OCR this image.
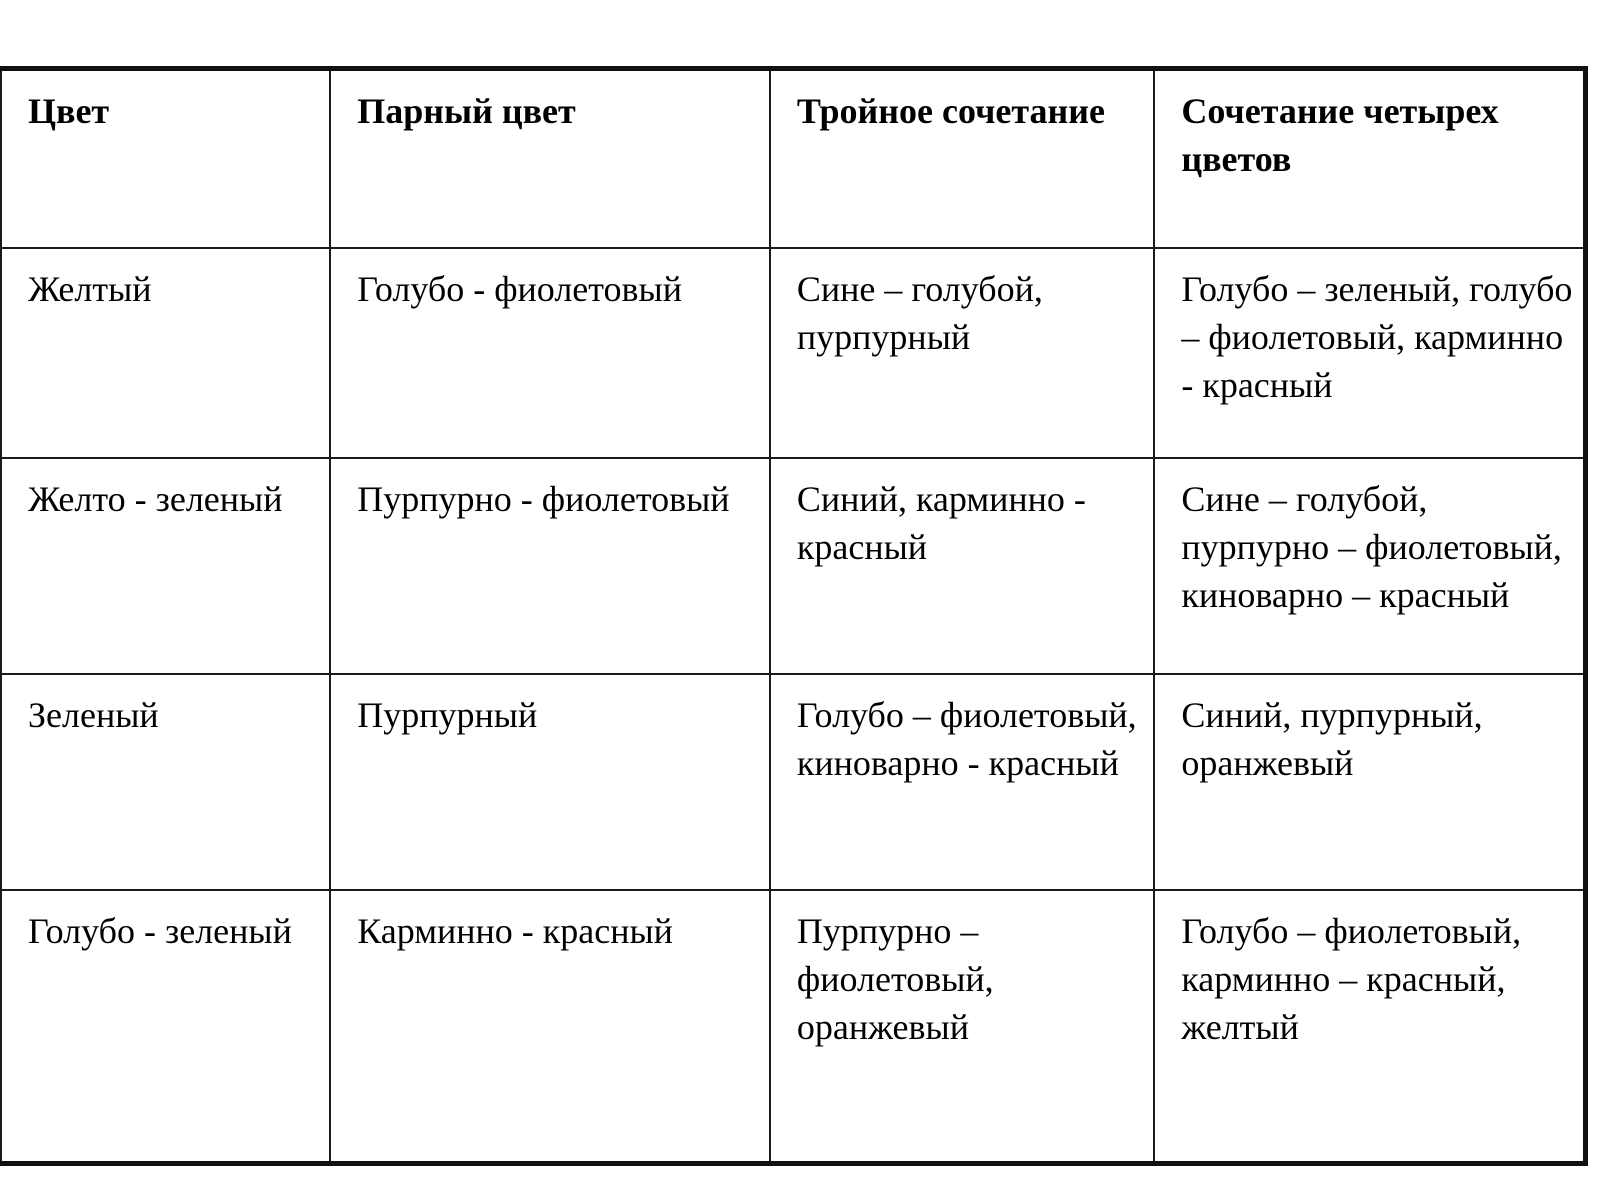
Цвет	Парный цвет	Тройное сочетание	Сочетание четырех цветов
Желтый	Голубо - фиолетовый	Сине – голубой, пурпурный	Голубо – зеленый, голубо – фиолетовый, карминно - красный
Желто - зеленый	Пурпурно - фиолетовый	Синий, карминно - красный	Сине – голубой, пурпурно – фиолетовый, киноварно – красный
Зеленый	Пурпурный	Голубо – фиолетовый, киноварно - красный	Синий, пурпурный, оранжевый
Голубо - зеленый	Карминно - красный	Пурпурно – фиолетовый, оранжевый	Голубо – фиолетовый, карминно – красный, желтый
